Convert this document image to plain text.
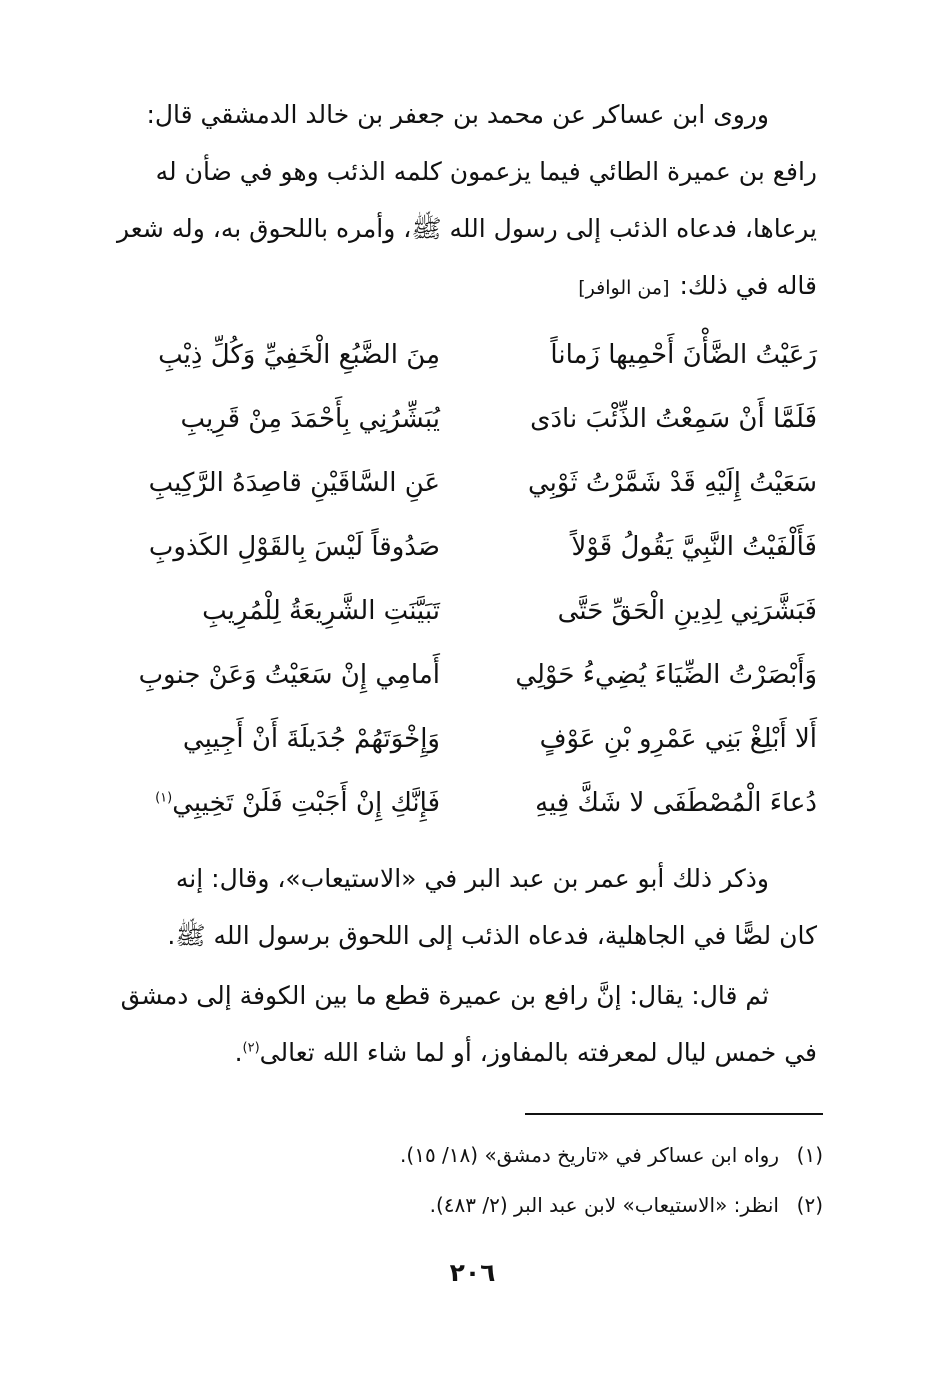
وروى ابن عساكر عن محمد بن جعفر بن خالد الدمشقي قال:

رافع بن عميرة الطائي فيما يزعمون كلمه الذئب وهو في ضأن له

يرعاها، فدعاه الذئب إلى رسول الله ﷺ، وأمره باللحوق به، وله شعر

قاله في ذلك:[من الوافر]

رَعَيْتُ الضَّأْنَ أَحْمِيها زَماناً
مِنَ الضَّبُعِ الْخَفِيِّ وَكُلِّ ذِيْبِ
فَلَمَّا أَنْ سَمِعْتُ الذِّئْبَ نادَى
يُبَشِّرُنِي بِأَحْمَدَ مِنْ قَرِيبِ
سَعَيْتُ إِلَيْهِ قَدْ شَمَّرْتُ ثَوْبِي
عَنِ السَّاقَيْنِ قاصِدَهُ الرَّكِيبِ
فَأَلْفَيْتُ النَّبِيَّ يَقُولُ قَوْلاً
صَدُوقاً لَيْسَ بِالقَوْلِ الكَذوبِ
فَبَشَّرَنِي لِدِينِ الْحَقِّ حَتَّى
تَبَيَّنَتِ الشَّرِيعَةُ لِلْمُرِيبِ
وَأَبْصَرْتُ الضِّيَاءَ يُضِيءُ حَوْلِي
أَمامِي إِنْ سَعَيْتُ وَعَنْ جنوبِ
أَلا أَبْلِغْ بَنِي عَمْرِو بْنِ عَوْفٍ
وَإِخْوَتَهُمْ جُدَيلَةَ أَنْ أَجِيبِي
دُعاءَ الْمُصْطَفَى لا شَكَّ فِيهِ
فَإِنَّكِ إِنْ أَجَبْتِ فَلَنْ تَخِيبِي$^{(١)}$

وذكر ذلك أبو عمر بن عبد البر في «الاستيعاب»، وقال: إنه

كان لصًّا في الجاهلية، فدعاه الذئب إلى اللحوق برسول الله ﷺ.

ثم قال: يقال: إنَّ رافع بن عميرة قطع ما بين الكوفة إلى دمشق

في خمس ليال لمعرفته بالمفاوز، أو لما شاء الله تعالى$^{(٢)}$.

(١)رواه ابن عساكر في «تاريخ دمشق» (١٨/ ١٥).
(٢)انظر: «الاستيعاب» لابن عبد البر (٢/ ٤٨٣).
٢٠٦
